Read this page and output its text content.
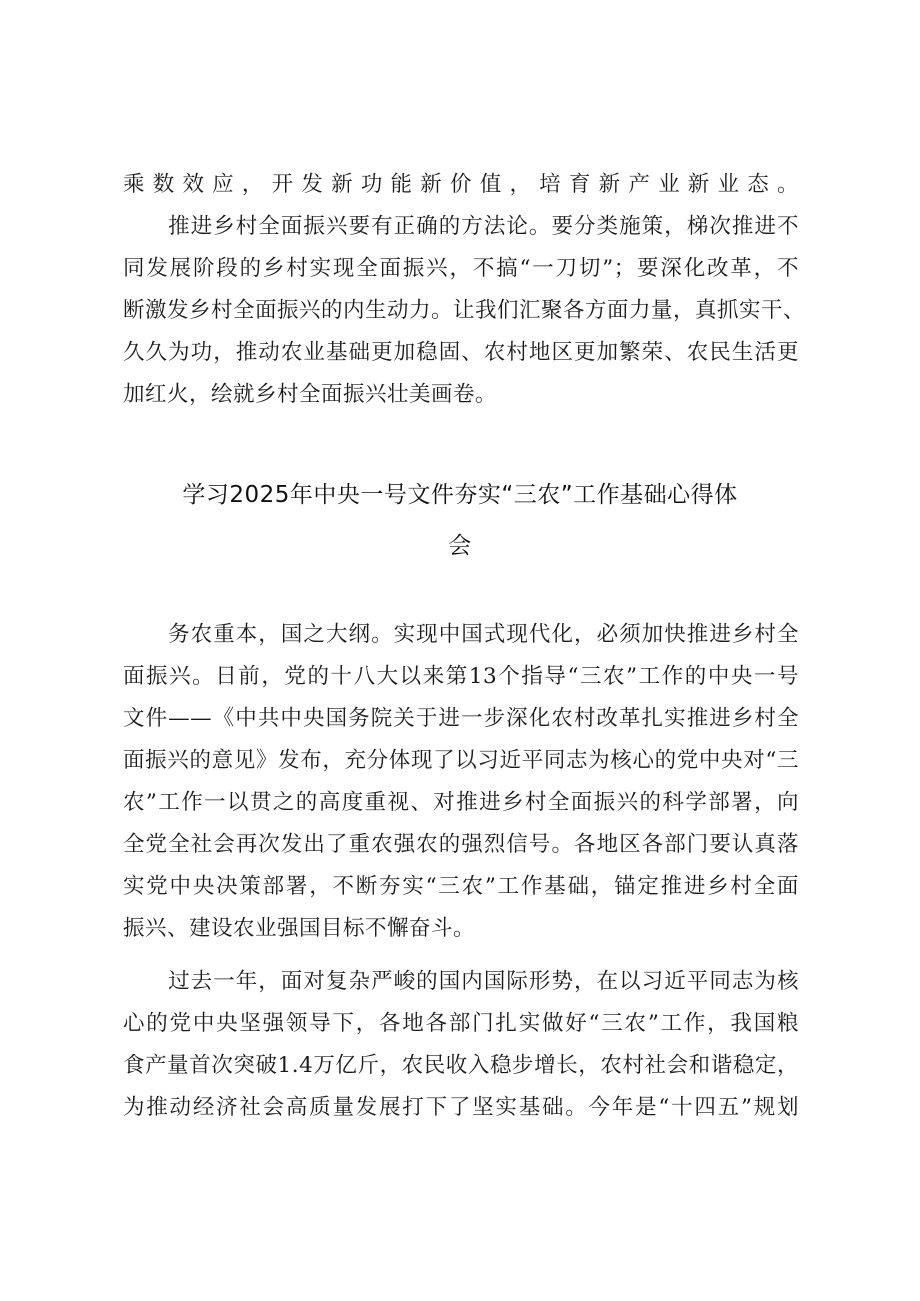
乘数效应，开发新功能新价值，培育新产业新业态。
　　推进乡村全面振兴要有正确的方法论。要分类施策，梯次推进不
同发展阶段的乡村实现全面振兴，不搞“一刀切”；要深化改革，不
断激发乡村全面振兴的内生动力。让我们汇聚各方面力量，真抓实干、
久久为功，推动农业基础更加稳固、农村地区更加繁荣、农民生活更
加红火，绘就乡村全面振兴壮美画卷。
学习2025年中央一号文件夯实“三农”工作基础心得体
会
　　务农重本，国之大纲。实现中国式现代化，必须加快推进乡村全
面振兴。日前，党的十八大以来第13个指导“三农”工作的中央一号
文件——《中共中央国务院关于进一步深化农村改革扎实推进乡村全
面振兴的意见》发布，充分体现了以习近平同志为核心的党中央对“三
农”工作一以贯之的高度重视、对推进乡村全面振兴的科学部署，向
全党全社会再次发出了重农强农的强烈信号。各地区各部门要认真落
实党中央决策部署，不断夯实“三农”工作基础，锚定推进乡村全面
振兴、建设农业强国目标不懈奋斗。
　　过去一年，面对复杂严峻的国内国际形势，在以习近平同志为核
心的党中央坚强领导下，各地各部门扎实做好“三农”工作，我国粮
食产量首次突破1.4万亿斤，农民收入稳步增长，农村社会和谐稳定，
为推动经济社会高质量发展打下了坚实基础。今年是“十四五”规划
